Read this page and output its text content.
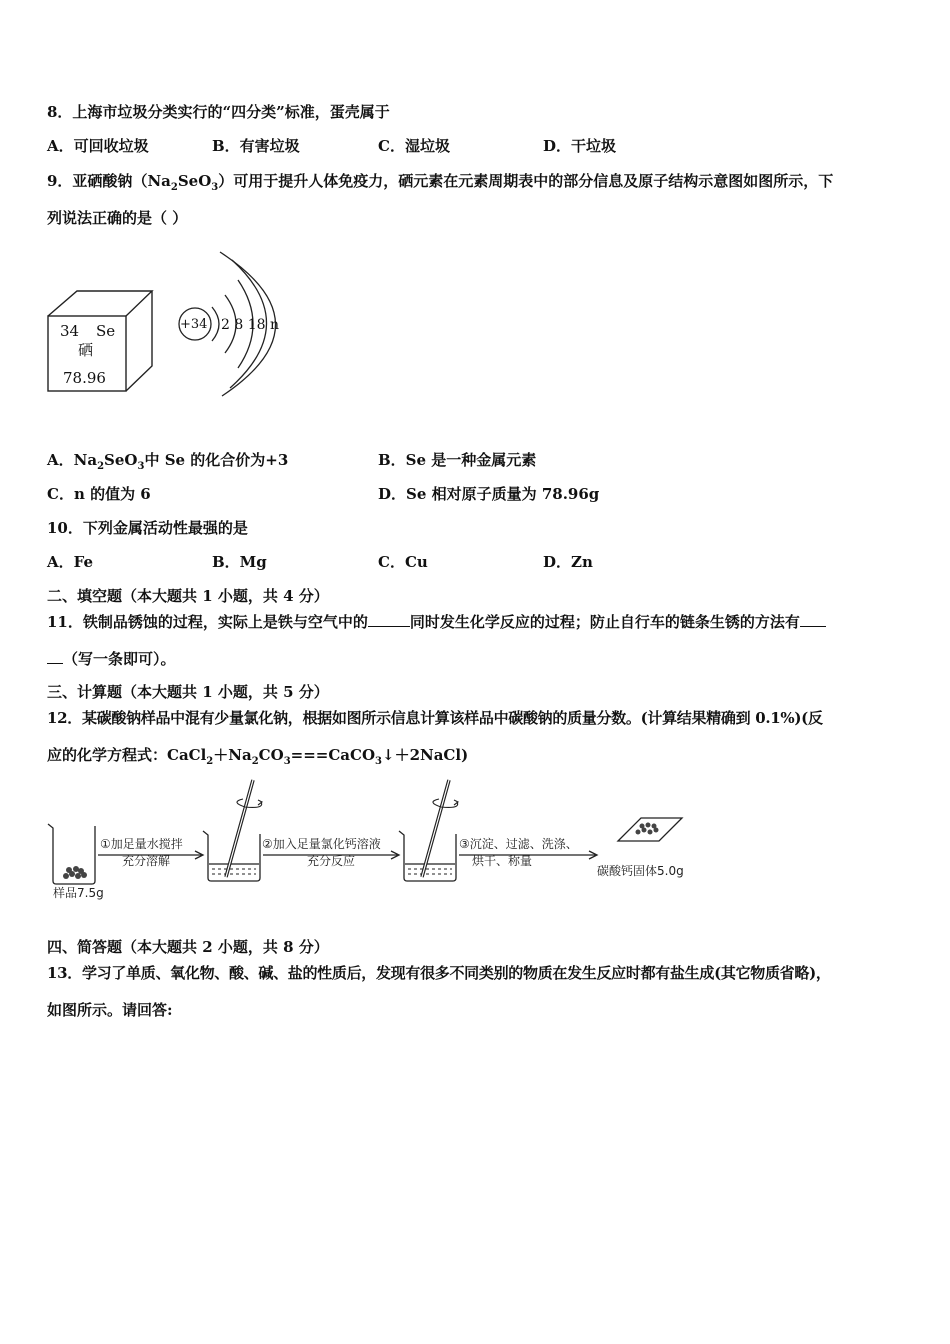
8．上海市垃圾分类实行的“四分类”标准，蛋壳属于
A．可回收垃圾	B．有害垃圾	C．湿垃圾	D．干垃圾
9．亚硒酸钠$(Na_2SeO_3)$可用于提升人体免疫力，硒元素在元素周期表中的部分信息及原子结构示意图如图所示，下
列说法正确的是（ ）
34 Se
硒
78.96
+34 2 8 18 n
A．$Na_2SeO_3$中 Se 的化合价为+3	B．Se 是一种金属元素
C．n 的值为 6	D．Se 相对原子质量为 78.96g
10．下列金属活动性最强的是
A．Fe	B．Mg	C．Cu	D．Zn
二、填空题（本大题共 1 小题，共 4 分）
11．铁制品锈蚀的过程，实际上是铁与空气中的	同时发生化学反应的过程；防止自行车的链条生锈的方法有
（写一条即可）。
三、计算题（本大题共 1 小题，共 5 分）
12．某碳酸钠样品中混有少量氯化钠，根据如图所示信息计算该样品中碳酸钠的质量分数。(计算结果精确到 0.1%)(反
应的化学方程式：$CaCl_2+Na_2CO_3===CaCO_3↓+2NaCl$)
①加足量水搅拌
充分溶解
②加入足量氯化钙溶液
充分反应
③沉淀、过滤、洗涤、
烘干、称量
样品7.5g
碳酸钙固体5.0g
四、简答题（本大题共 2 小题，共 8 分）
13．学习了单质、氧化物、酸、碱、盐的性质后，发现有很多不同类别的物质在发生反应时都有盐生成(其它物质省略)，
如图所示。请回答:
